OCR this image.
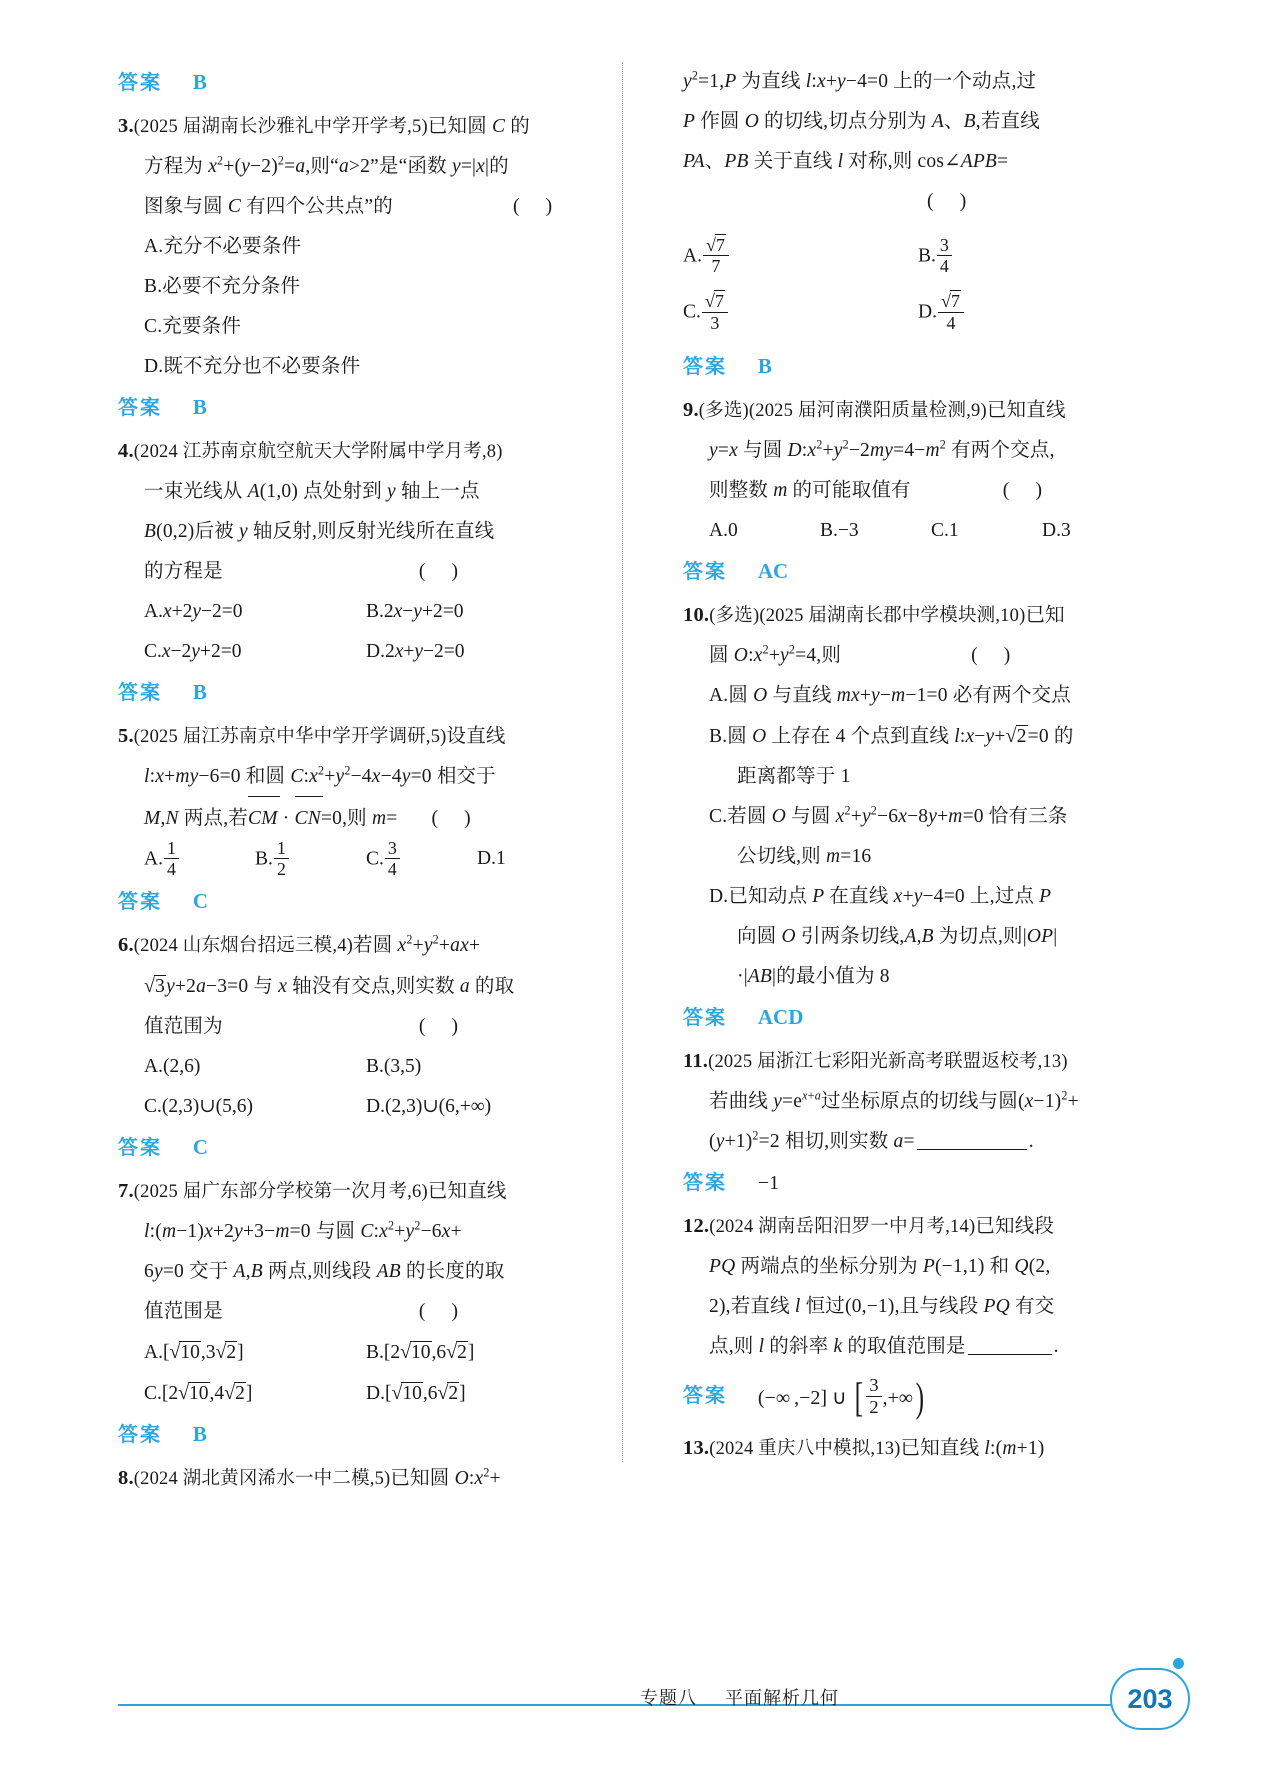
答案 B
3.(2025 届湖南长沙雅礼中学开学考,5)已知圆 C 的
方程为 $x^2+(y-2)^2=a$,则“a>2”是“函数 y=|x|的
图象与圆 C 有四个公共点”的	( )
A.充分不必要条件
B.必要不充分条件
C.充要条件
D.既不充分也不必要条件
答案 B
4.(2024 江苏南京航空航天大学附属中学月考,8)
一束光线从 A(1,0) 点处射到 y 轴上一点
B(0,2)后被 y 轴反射,则反射光线所在直线
的方程是	( )
A.x+2y−2=0	B.2x−y+2=0
C.x−2y+2=0	D.2x+y−2=0
答案 B
5.(2025 届江苏南京中华中学开学调研,5)设直线
l:x+my−6=0 和圆 $C:x^2+y^2-4x-4y=0$ 相交于
M,N 两点,若CM · CN=0,则 m= ( )
A. $\frac{1}{4}$	B. $\frac{1}{2}$	C. $\frac{3}{4}$	D.1
答案 C
6.(2024 山东烟台招远三模,4)若圆 $x^2+y^2+ax+$
√3y+2a−3=0 与 x 轴没有交点,则实数 a 的取
值范围为	( )
A.(2,6)	B.(3,5)
C.(2,3)∪(5,6)	D.(2,3)∪(6,+∞)
答案 C
7.(2025 届广东部分学校第一次月考,6)已知直线
l:(m−1)x+2y+3−m=0 与圆 $C:x^2+y^2-6x+$
6y=0 交于 A,B 两点,则线段 AB 的长度的取
值范围是	( )
A.[√10,3√2]	B.[2√10,6√2]
C.[2√10,4√2]	D.[√10,6√2]
答案 B
8.(2024 湖北黄冈浠水一中二模,5)已知圆 $O:x^2+$
$y^2=1,P$ 为直线 l:x+y−4=0 上的一个动点,过
P 作圆 O 的切线,切点分别为 A、B,若直线
PA、PB 关于直线 l 对称,则 cos∠APB=
( )
A. $\frac{√7}{7}$	B. $\frac{3}{4}$
C. $\frac{√7}{3}$	D. $\frac{√7}{4}$
答案 B
9.(多选)(2025 届河南濮阳质量检测,9)已知直线
y=x 与圆 $D:x^2+y^2-2my=4-m^2$ 有两个交点,
则整数 m 的可能取值有	( )
A.0	B.−3	C.1	D.3
答案 AC
10.(多选)(2025 届湖南长郡中学模块测,10)已知
圆 $O:x^2+y^2=4$,则	( )
A.圆 O 与直线 mx+y−m−1=0 必有两个交点
B.圆 O 上存在 4 个点到直线 l:x−y+√2=0 的
距离都等于 1
C.若圆 O 与圆 $x^2+y^2-6x-8y+m=0$ 恰有三条
公切线,则 m=16
D.已知动点 P 在直线 x+y−4=0 上,过点 P
向圆 O 引两条切线,A,B 为切点,则|OP|
·|AB|的最小值为 8
答案 ACD
11.(2025 届浙江七彩阳光新高考联盟返校考,13)
若曲线 $y=e^{x+a}$过坐标原点的切线与圆$(x-1)^2+$
$(y+1)^2=2$ 相切,则实数 a=	.
答案 −1
12.(2024 湖南岳阳汨罗一中月考,14)已知线段
PQ 两端点的坐标分别为 P(−1,1) 和 Q(2,
2),若直线 l 恒过(0,−1),且与线段 PQ 有交
点,则 l 的斜率 k 的取值范围是	.
答案 (−∞ ,−2] ∪ [ $\frac{3}{2}$ ,+∞ )
13.(2024 重庆八中模拟,13)已知直线 l:(m+1)
专题八 平面解析几何	203
